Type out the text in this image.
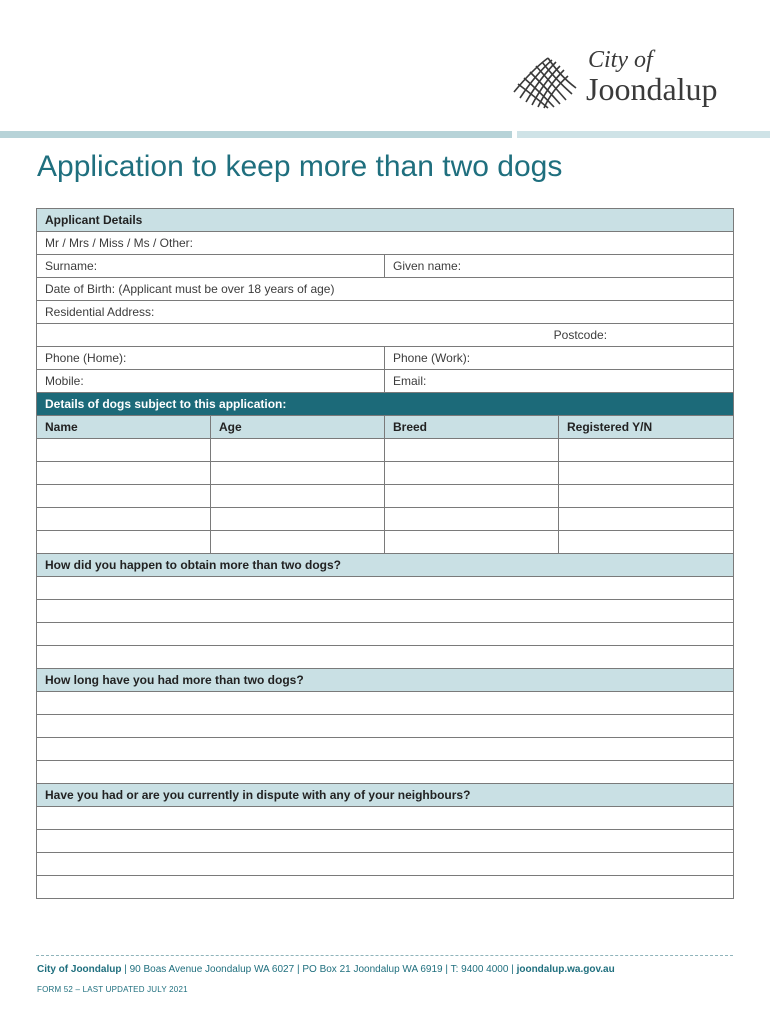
City of
Joondalup
Application to keep more than two dogs
Applicant Details			
Mr / Mrs / Miss / Ms / Other:			
Surname:		Given name:	
Date of Birth: (Applicant must be over 18 years of age)			
Residential Address:			
Postcode:			
Phone (Home):		Phone (Work):	
Mobile:		Email:	
Details of dogs subject to this application:			
Name	Age	Breed	Registered Y/N

How did you happen to obtain more than two dogs?			

How long have you had more than two dogs?			

Have you had or are you currently in dispute with any of your neighbours?			

City of Joondalup | 90 Boas Avenue Joondalup WA 6027 | PO Box 21 Joondalup WA 6919 | T: 9400 4000 | joondalup.wa.gov.au
FORM 52 – LAST UPDATED JULY 2021
